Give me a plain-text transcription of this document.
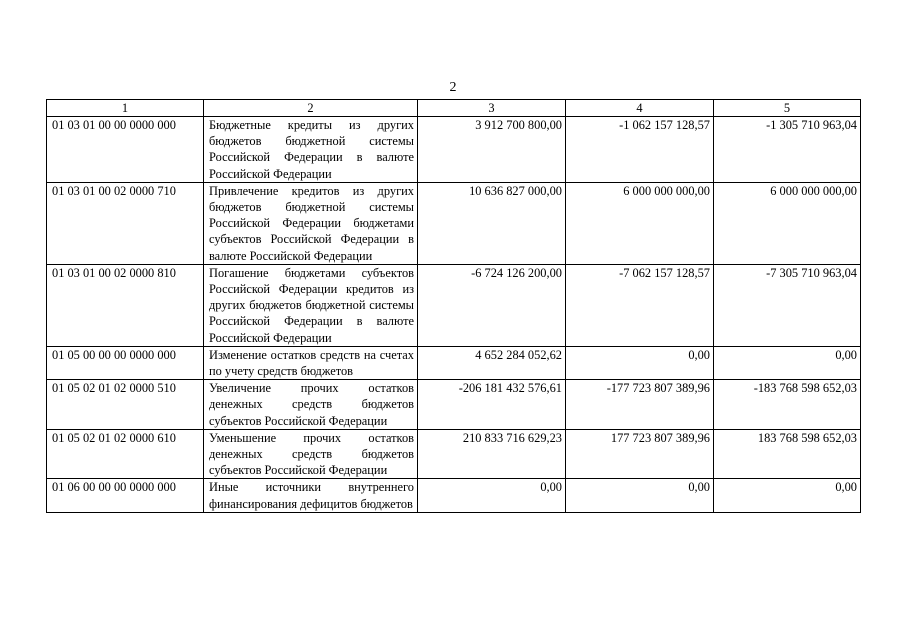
2
1	2	3	4	5
01 03 01 00 00 0000 000	Бюджетные кредиты из других бюджетов бюджетной системы Российской Федерации в валюте Российской Федерации	3 912 700 800,00	-1 062 157 128,57	-1 305 710 963,04
01 03 01 00 02 0000 710	Привлечение кредитов из других бюджетов бюджетной системы Российской Федерации бюджетами субъектов Российской Федерации в валюте Российской Федерации	10 636 827 000,00	6 000 000 000,00	6 000 000 000,00
01 03 01 00 02 0000 810	Погашение бюджетами субъектов Российской Федерации кредитов из других бюджетов бюджетной системы Российской Федерации в валюте Российской Федерации	-6 724 126 200,00	-7 062 157 128,57	-7 305 710 963,04
01 05 00 00 00 0000 000	Изменение остатков средств на счетах по учету средств бюджетов	4 652 284 052,62	0,00	0,00
01 05 02 01 02 0000 510	Увеличение прочих остатков денежных средств бюджетов субъектов Российской Федерации	-206 181 432 576,61	-177 723 807 389,96	-183 768 598 652,03
01 05 02 01 02 0000 610	Уменьшение прочих остатков денежных средств бюджетов субъектов Российской Федерации	210 833 716 629,23	177 723 807 389,96	183 768 598 652,03
01 06 00 00 00 0000 000	Иные источники внутреннего финансирования дефицитов бюджетов	0,00	0,00	0,00
